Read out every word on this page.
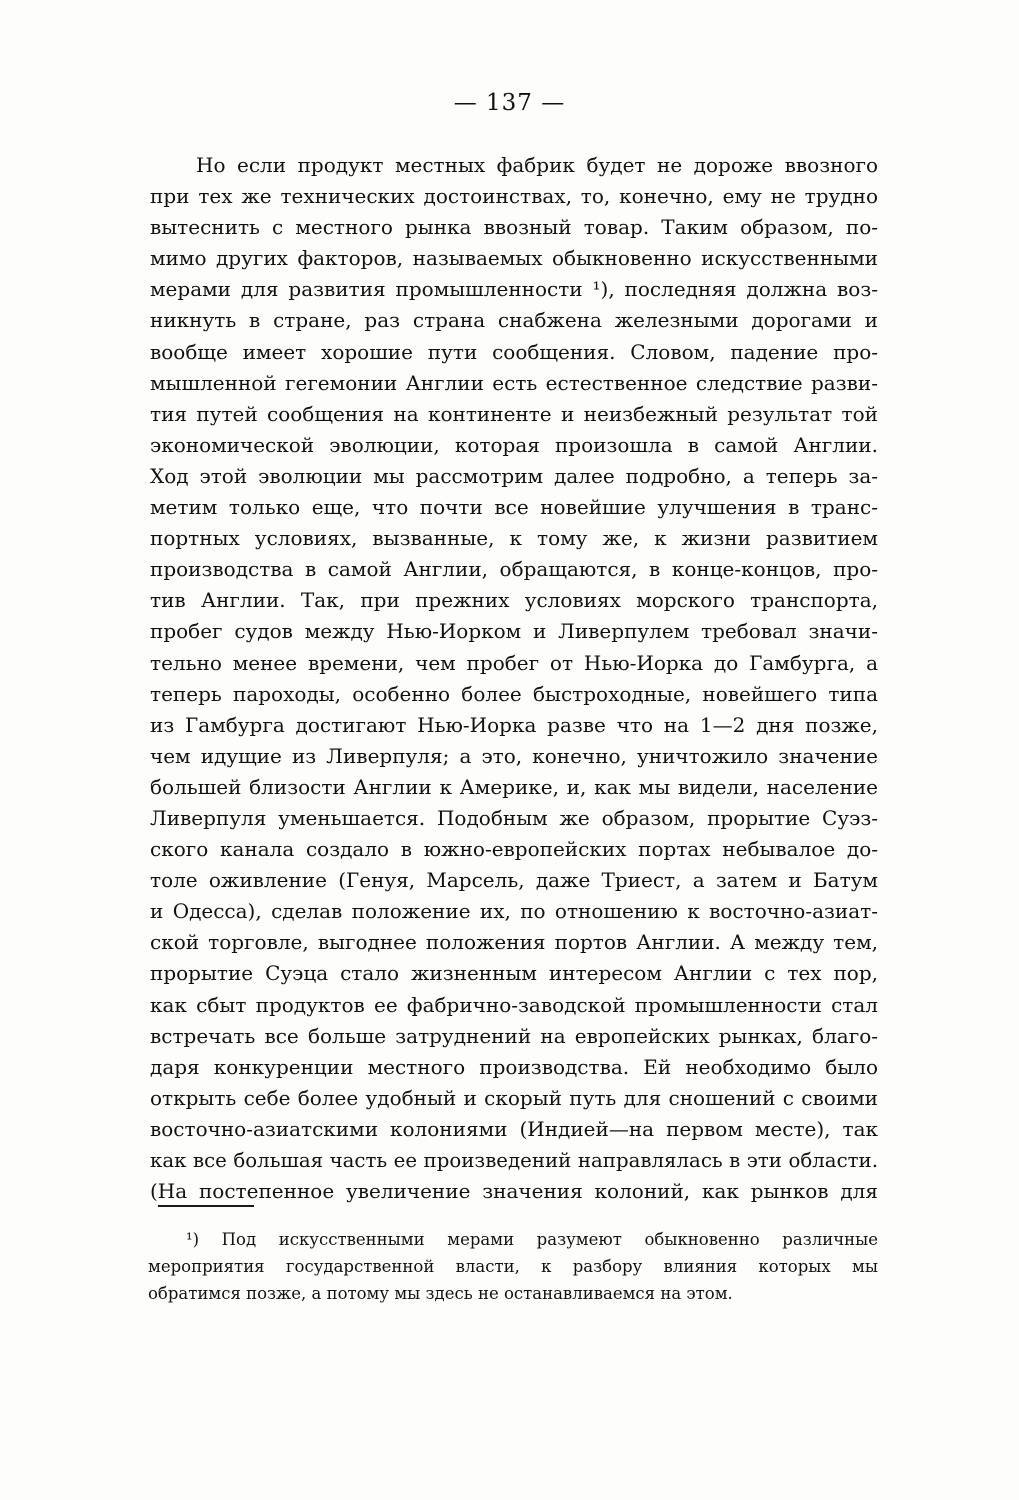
— 137 —
Но если продукт местных фабрик будет не дороже ввозного
при тех же технических достоинствах, то, конечно, ему не трудно
вытеснить с местного рынка ввозный товар. Таким образом, по-
мимо других факторов, называемых обыкновенно искусственными
мерами для развития промышленности ¹), последняя должна воз-
никнуть в стране, раз страна снабжена железными дорогами и
вообще имеет хорошие пути сообщения. Словом, падение про-
мышленной гегемонии Англии есть естественное следствие разви-
тия путей сообщения на континенте и неизбежный результат той
экономической эволюции, которая произошла в самой Англии.
Ход этой эволюции мы рассмотрим далее подробно, а теперь за-
метим только еще, что почти все новейшие улучшения в транс-
портных условиях, вызванные, к тому же, к жизни развитием
производства в самой Англии, обращаются, в конце-концов, про-
тив Англии. Так, при прежних условиях морского транспорта,
пробег судов между Нью-Иорком и Ливерпулем требовал значи-
тельно менее времени, чем пробег от Нью-Иорка до Гамбурга, а
теперь пароходы, особенно более быстроходные, новейшего типа
из Гамбурга достигают Нью-Иорка разве что на 1—2 дня позже,
чем идущие из Ливерпуля; а это, конечно, уничтожило значение
большей близости Англии к Америке, и, как мы видели, население
Ливерпуля уменьшается. Подобным же образом, прорытие Суэз-
ского канала создало в южно-европейских портах небывалое до-
толе оживление (Генуя, Марсель, даже Триест, а затем и Батум
и Одесса), сделав положение их, по отношению к восточно-азиат-
ской торговле, выгоднее положения портов Англии. А между тем,
прорытие Суэца стало жизненным интересом Англии с тех пор,
как сбыт продуктов ее фабрично-заводской промышленности стал
встречать все больше затруднений на европейских рынках, благо-
даря конкуренции местного производства. Ей необходимо было
открыть себе более удобный и скорый путь для сношений с своими
восточно-азиатскими колониями (Индией—на первом месте), так
как все большая часть ее произведений направлялась в эти области.
(На постепенное увеличение значения колоний, как рынков для
¹) Под искусственными мерами разумеют обыкновенно различные
мероприятия государственной власти, к разбору влияния которых мы
обратимся позже, а потому мы здесь не останавливаемся на этом.
